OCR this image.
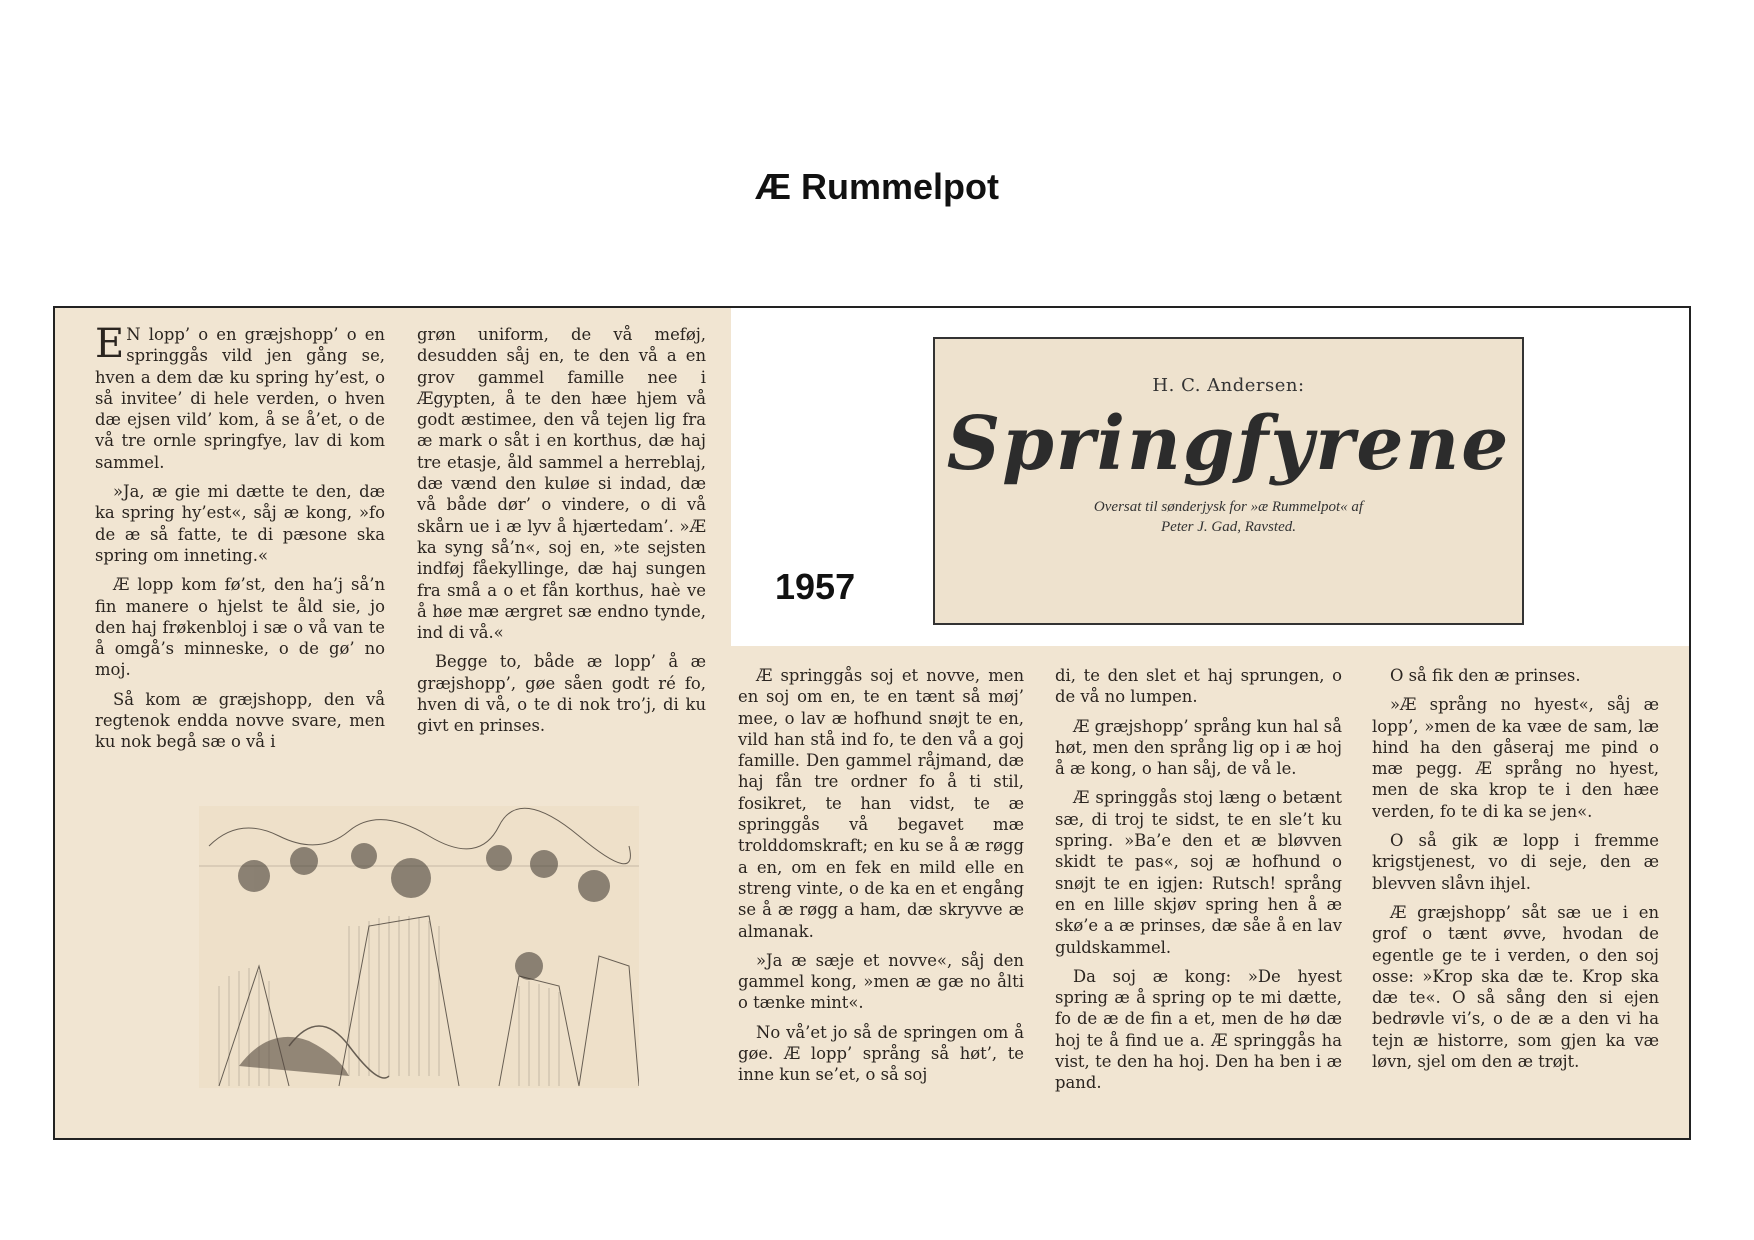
Æ Rummelpot
1957
H. C. Andersen:
Springfyrene
Oversat til sønderjysk for »æ Rummelpot« af
Peter J. Gad, Ravsted.

E N lopp’ o en græjshopp’ o en springgås vild jen gång se, hven a dem dæ ku spring hy’est, o så invitee’ di hele verden, o hven dæ ejsen vild’ kom, å se å’et, o de vå tre ornle springfye, lav di kom sammel.

»Ja, æ gie mi dætte te den, dæ ka spring hy’est«, såj æ kong, »fo de æ så fatte, te di pæsone ska spring om inneting.«

Æ lopp kom fø’st, den ha’j så’n fin manere o hjelst te åld sie, jo den haj frøkenbloj i sæ o vå van te å omgå’s minneske, o de gø’ no moj.

Så kom æ græjshopp, den vå regtenok endda novve svare, men ku nok begå sæ o vå i

grøn uniform, de vå meføj, desudden såj en, te den vå a en grov gammel famille nee i Ægypten, å te den hæe hjem vå godt æstimee, den vå tejen lig fra æ mark o såt i en korthus, dæ haj tre etasje, åld sammel a herreblaj, dæ vænd den kuløe si indad, dæ vå både dør’ o vindere, o di vå skårn ue i æ lyv å hjærtedam’. »Æ ka syng så’n«, soj en, »te sejsten indføj fåekyllinge, dæ haj sungen fra små a o et fån korthus, haè ve å høe mæ ærgret sæ endno tynde, ind di vå.«

Begge to, både æ lopp’ å æ græjshopp’, gøe såen godt ré fo, hven di vå, o te di nok tro’j, di ku givt en prinses.

Æ springgås soj et novve, men en soj om en, te en tænt så møj’ mee, o lav æ hofhund snøjt te en, vild han stå ind fo, te den vå a goj famille. Den gammel råjmand, dæ haj fån tre ordner fo å ti stil, fosikret, te han vidst, te æ springgås vå begavet mæ trolddomskraft; en ku se å æ røgg a en, om en fek en mild elle en streng vinte, o de ka en et engång se å æ røgg a ham, dæ skryvve æ almanak.

»Ja æ sæje et novve«, såj den gammel kong, »men æ gæ no ålti o tænke mint«.

No vå’et jo så de springen om å gøe. Æ lopp’ språng så høt’, te inne kun se’et, o så soj

di, te den slet et haj sprungen, o de vå no lumpen.

Æ græjshopp’ språng kun hal så høt, men den språng lig op i æ hoj å æ kong, o han såj, de vå le.

Æ springgås stoj læng o betænt sæ, di troj te sidst, te en sle’t ku spring. »Ba’e den et æ bløvven skidt te pas«, soj æ hofhund o snøjt te en igjen: Rutsch! språng en en lille skjøv spring hen å æ skø’e a æ prinses, dæ såe å en lav guldskammel.

Da soj æ kong: »De hyest spring æ å spring op te mi dætte, fo de æ de fin a et, men de hø dæ hoj te å find ue a. Æ springgås ha vist, te den ha hoj. Den ha ben i æ pand.

O så fik den æ prinses.

»Æ språng no hyest«, såj æ lopp’, »men de ka væe de sam, læ hind ha den gåseraj me pind o mæ pegg. Æ språng no hyest, men de ska krop te i den hæe verden, fo te di ka se jen«.

O så gik æ lopp i fremme krigstjenest, vo di seje, den æ blevven slåvn ihjel.

Æ græjshopp’ såt sæ ue i en grof o tænt øvve, hvodan de egentle ge te i verden, o den soj osse: »Krop ska dæ te. Krop ska dæ te«. O så sång den si ejen bedrøvle vi’s, o de æ a den vi ha tejn æ historre, som gjen ka væ løvn, sjel om den æ trøjt.
